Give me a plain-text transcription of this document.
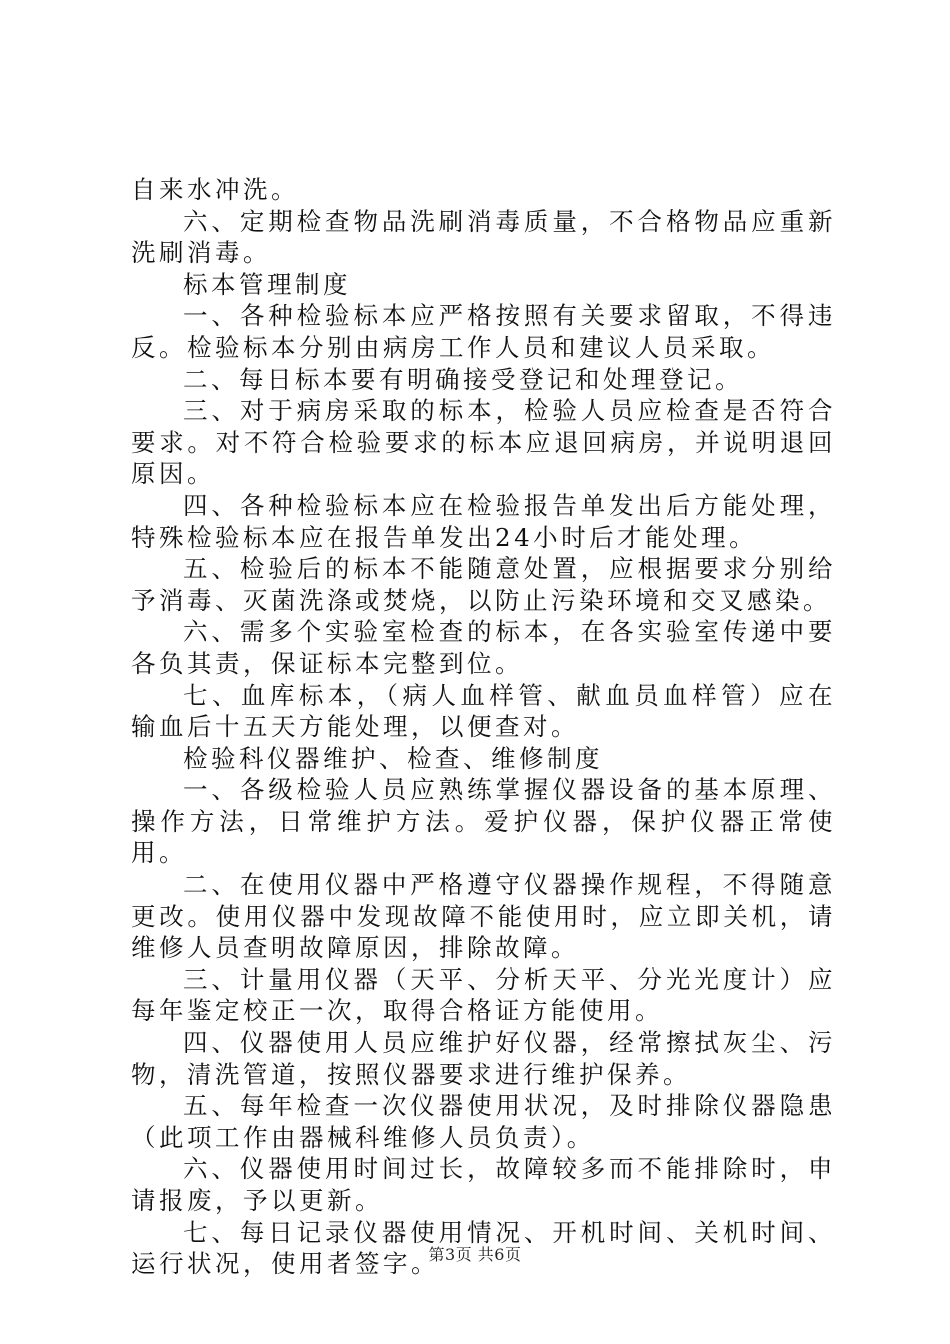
自来水冲洗。

六、定期检查物品洗刷消毒质量，不合格物品应重新洗刷消毒。

标本管理制度

一、各种检验标本应严格按照有关要求留取，不得违反。检验标本分别由病房工作人员和建议人员采取。

二、每日标本要有明确接受登记和处理登记。

三、对于病房采取的标本，检验人员应检查是否符合要求。对不符合检验要求的标本应退回病房，并说明退回原因。

四、各种检验标本应在检验报告单发出后方能处理，特殊检验标本应在报告单发出24小时后才能处理。

五、检验后的标本不能随意处置，应根据要求分别给予消毒、灭菌洗涤或焚烧，以防止污染环境和交叉感染。

六、需多个实验室检查的标本，在各实验室传递中要各负其责，保证标本完整到位。

七、血库标本，（病人血样管、献血员血样管）应在输血后十五天方能处理，以便查对。

检验科仪器维护、检查、维修制度

一、各级检验人员应熟练掌握仪器设备的基本原理、操作方法，日常维护方法。爱护仪器，保护仪器正常使用。

二、在使用仪器中严格遵守仪器操作规程，不得随意更改。使用仪器中发现故障不能使用时，应立即关机，请维修人员查明故障原因，排除故障。

三、计量用仪器（天平、分析天平、分光光度计）应每年鉴定校正一次，取得合格证方能使用。

四、仪器使用人员应维护好仪器，经常擦拭灰尘、污物，清洗管道，按照仪器要求进行维护保养。

五、每年检查一次仪器使用状况，及时排除仪器隐患（此项工作由器械科维修人员负责）。

六、仪器使用时间过长，故障较多而不能排除时，申请报废，予以更新。

七、每日记录仪器使用情况、开机时间、关机时间、运行状况，使用者签字。

第3页 共6页
